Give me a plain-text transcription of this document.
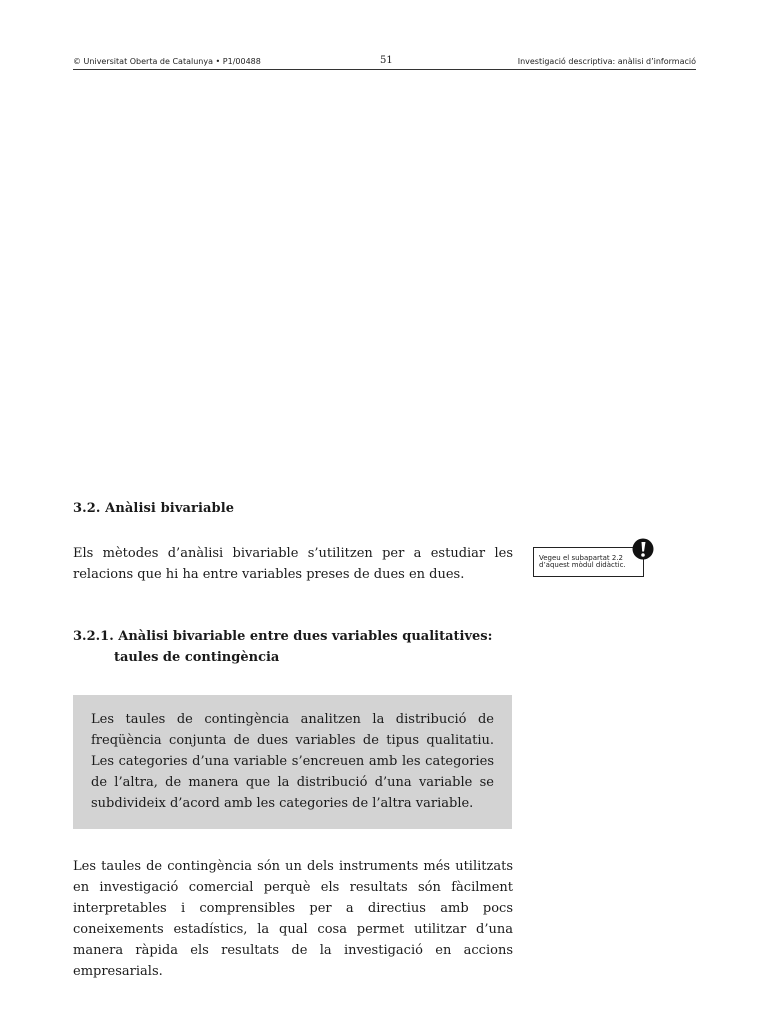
© Universitat Oberta de Catalunya • P1/00488	51	Investigació descriptiva: anàlisi d’informació
3.2. Anàlisi bivariable
Els mètodes d’anàlisi bivariable s’utilitzen per a estudiar les relacions que hi ha entre variables preses de dues en dues.
Vegeu el subapartat 2.2 d’aquest mòdul didàctic.
3.2.1. Anàlisi bivariable entre dues variables qualitatives:
taules de contingència
Les taules de contingència analitzen la distribució de freqüència conjunta de dues variables de tipus qualitatiu. Les categories d’una variable s’encreuen amb les categories de l’altra, de manera que la distribució d’una variable se subdivideix d’acord amb les categories de l’altra variable.
Les taules de contingència són un dels instruments més utilitzats en investigació comercial perquè els resultats són fàcilment interpretables i comprensibles per a directius amb pocs coneixements estadístics, la qual cosa permet utilitzar d’una manera ràpida els resultats de la investigació en accions empresarials.
